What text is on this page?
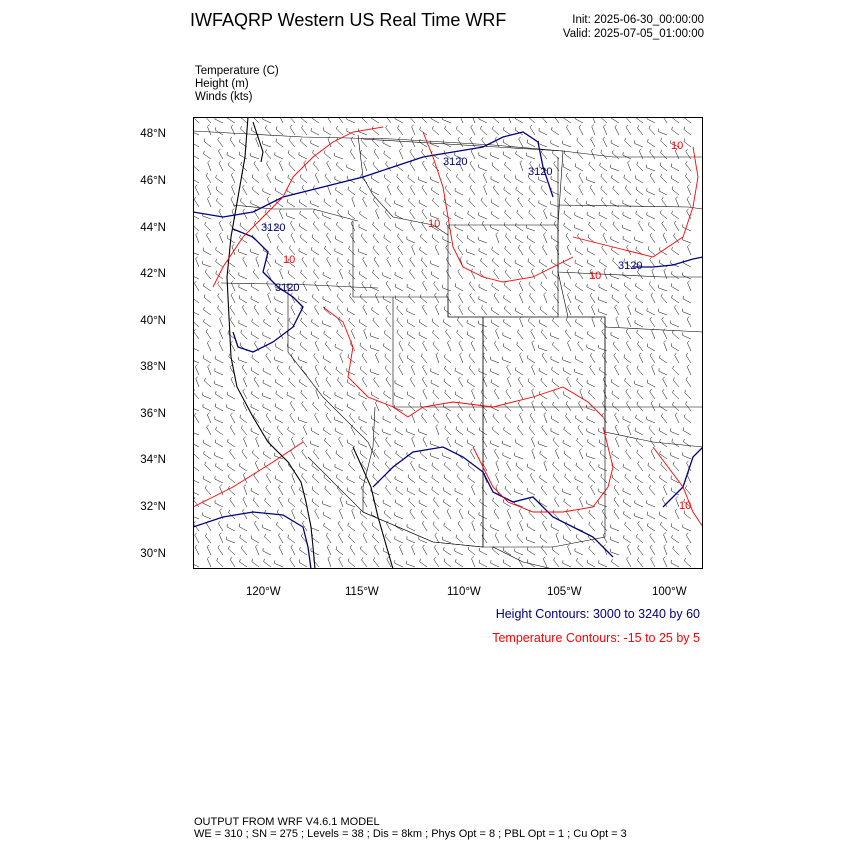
IWFAQRP Western US Real Time WRF	Init: 2025-06-30_00:00:00
Valid: 2025-07-05_01:00:00
Temperature (C)
Height (m)
Winds (kts)
48°N
46°N
44°N
42°N
40°N
38°N
36°N
34°N
32°N
30°N
120°W	115°W	110°W	105°W	100°W
3120
3120
3120
3120
3120
10
10
10
10
10
Height Contours: 3000 to 3240 by 60
Temperature Contours: -15 to 25 by 5
OUTPUT FROM WRF V4.6.1 MODEL
WE = 310 ; SN = 275 ; Levels = 38 ; Dis = 8km ; Phys Opt = 8 ; PBL Opt = 1 ; Cu Opt = 3
